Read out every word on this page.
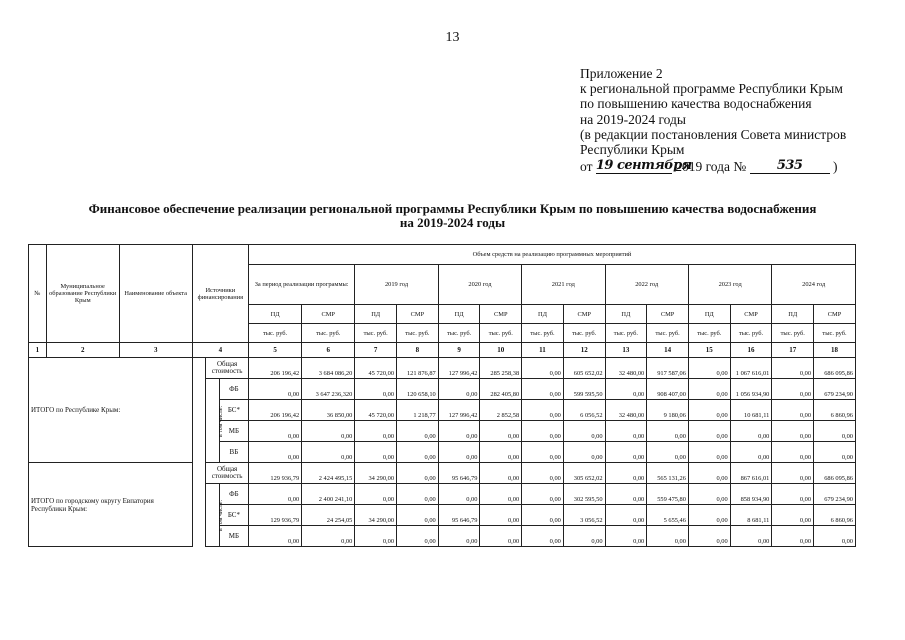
13
Приложение 2
к региональной программе Республики Крым
по повышению качества водоснабжения
на 2019-2024 годы
(в редакции постановления Совета министров
Республики Крым
от 19 сентября 2019 года № 535 )
Финансовое обеспечение реализации региональной программы Республики Крым по повышению качества водоснабжения
на 2019-2024 годы
№	Муниципальное образование Республики Крым	Наименование объекта	Источники финансирования			Объем средств на реализацию программных мероприятий													
						За период реализации программы:		2019 год		2020 год		2021 год		2022 год		2023 год		2024 год	
						ПД	СМР	ПД	СМР	ПД	СМР	ПД	СМР	ПД	СМР	ПД	СМР	ПД	СМР
						тыс. руб.	тыс. руб.	тыс. руб.	тыс. руб.	тыс. руб.	тыс. руб.	тыс. руб.	тыс. руб.	тыс. руб.	тыс. руб.	тыс. руб.	тыс. руб.	тыс. руб.	тыс. руб.
1	2	3	4			5	6	7	8	9	10	11	12	13	14	15	16	17	18
ИТОГО по Республике Крым:				Общая стоимость		206 196,42	3 684 086,20	45 720,00	121 876,87	127 996,42	285 258,38	0,00	605 652,02	32 480,00	917 587,06	0,00	1 067 616,01	0,00	686 095,86
				в том числе:	ФБ	0,00	3 647 236,320	0,00	120 658,10	0,00	282 405,80	0,00	599 595,50	0,00	908 407,00	0,00	1 056 934,90	0,00	679 234,90
					БС*	206 196,42	36 850,00	45 720,00	1 218,77	127 996,42	2 852,58	0,00	6 056,52	32 480,00	9 180,06	0,00	10 681,11	0,00	6 860,96
					МБ	0,00	0,00	0,00	0,00	0,00	0,00	0,00	0,00	0,00	0,00	0,00	0,00	0,00	0,00
					ВБ	0,00	0,00	0,00	0,00	0,00	0,00	0,00	0,00	0,00	0,00	0,00	0,00	0,00	0,00
ИТОГО по городскому округу Евпатория Республики Крым:				Общая стоимость		129 936,79	2 424 495,15	34 290,00	0,00	95 646,79	0,00	0,00	305 652,02	0,00	565 131,26	0,00	867 616,01	0,00	686 095,86
				в том числе:	ФБ	0,00	2 400 241,10	0,00	0,00	0,00	0,00	0,00	302 595,50	0,00	559 475,80	0,00	858 934,90	0,00	679 234,90
					БС*	129 936,79	24 254,05	34 290,00	0,00	95 646,79	0,00	0,00	3 056,52	0,00	5 655,46	0,00	8 681,11	0,00	6 860,96
					МБ	0,00	0,00	0,00	0,00	0,00	0,00	0,00	0,00	0,00	0,00	0,00	0,00	0,00	0,00
